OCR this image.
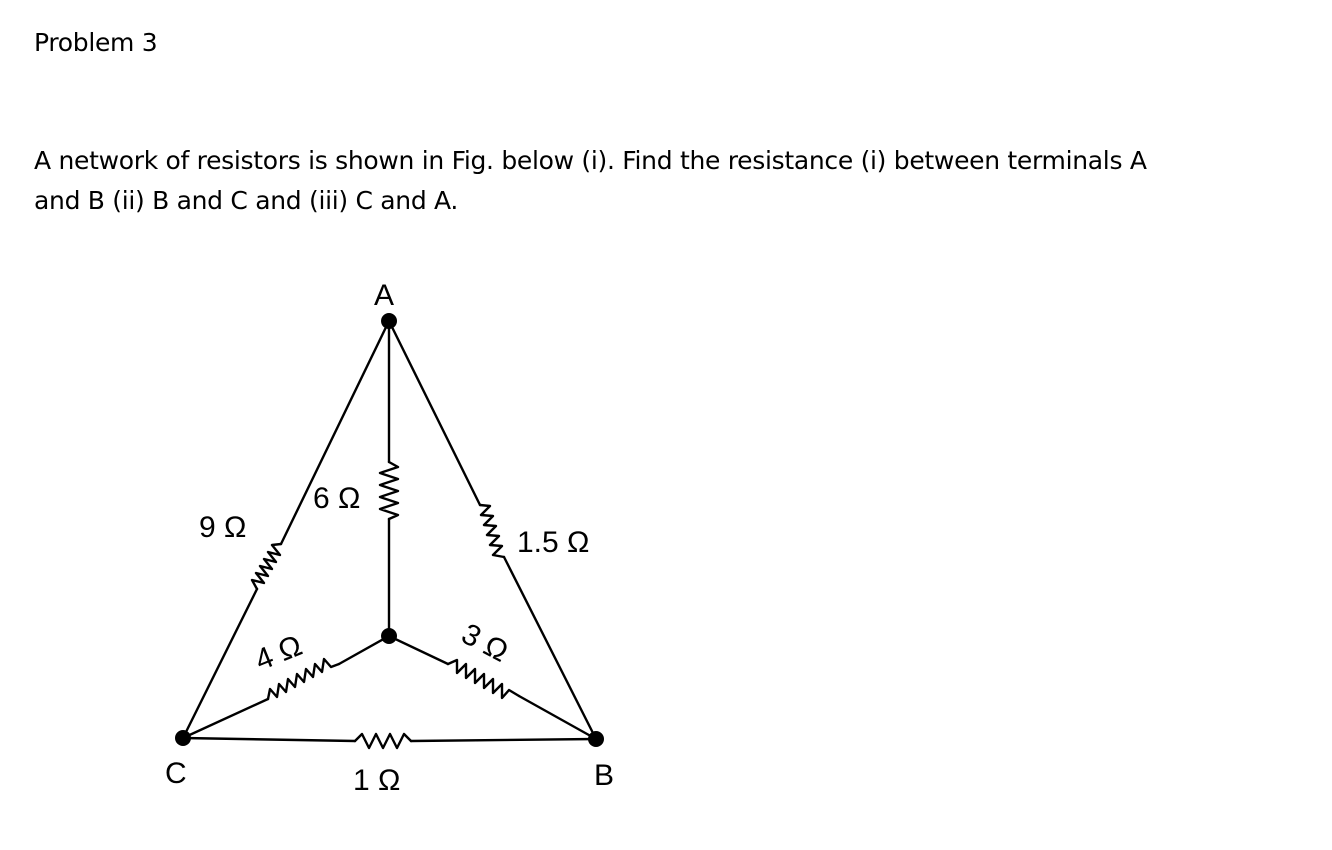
Problem 3

A network of resistors is shown in Fig. below (i). Find the resistance (i) between terminals A

and B (ii) B and C and (iii) C and A.

A
C	B
9 Ω
6 Ω
1.5 Ω
4 Ω	3 Ω
1 Ω
